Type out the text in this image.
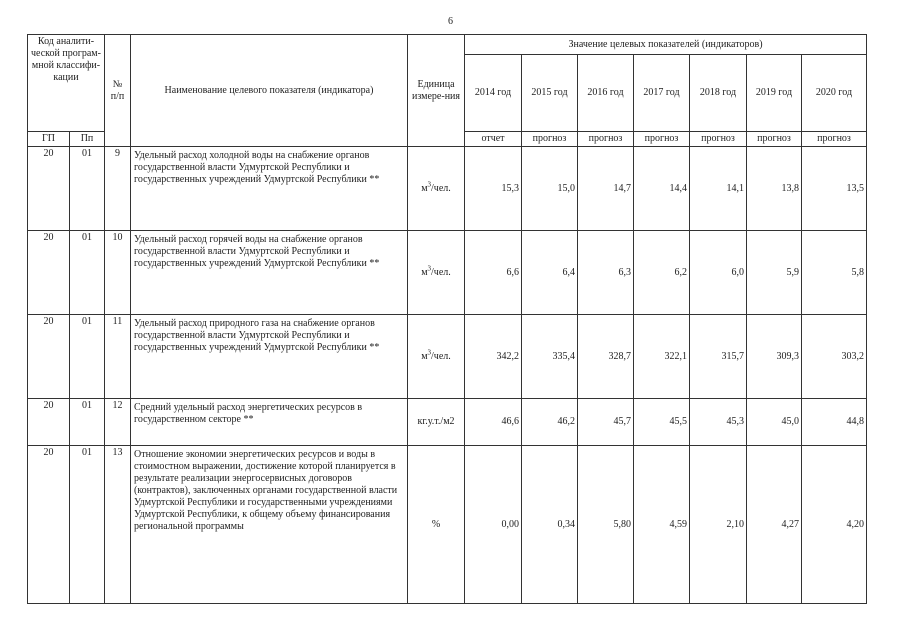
6
Код аналити-ческой програм-мной классифи-кации		№ п/п	Наименование целевого показателя (индикатора)	Единица измере-ния	Значение целевых показателей (индикаторов)						
					2014 год	2015 год	2016 год	2017 год	2018 год	2019 год	2020 год
ГП	Пп				отчет	прогноз	прогноз	прогноз	прогноз	прогноз	прогноз
20	01	9	Удельный расход холодной воды на снабжение органов государственной власти Удмуртской Республики и государственных учреждений Удмуртской Республики **	$м^3$/чел.	15,3	15,0	14,7	14,4	14,1	13,8	13,5
20	01	10	Удельный расход горячей воды на снабжение органов государственной власти Удмуртской Республики и государственных учреждений Удмуртской Республики **	$м^3$/чел.	6,6	6,4	6,3	6,2	6,0	5,9	5,8
20	01	11	Удельный расход природного газа на снабжение органов государственной власти Удмуртской Республики и государственных учреждений Удмуртской Республики **	$м^3$/чел.	342,2	335,4	328,7	322,1	315,7	309,3	303,2
20	01	12	Средний удельный расход энергетических ресурсов в государственном секторе **	кг.у.т./м2	46,6	46,2	45,7	45,5	45,3	45,0	44,8
20	01	13	Отношение экономии энергетических ресурсов и воды в стоимостном выражении, достижение которой планируется в результате реализации энергосервисных договоров (контрактов), заключенных органами государственной власти Удмуртской Республики и государственными учреждениями Удмуртской Республики, к общему объему финансирования региональной программы	%	0,00	0,34	5,80	4,59	2,10	4,27	4,20
